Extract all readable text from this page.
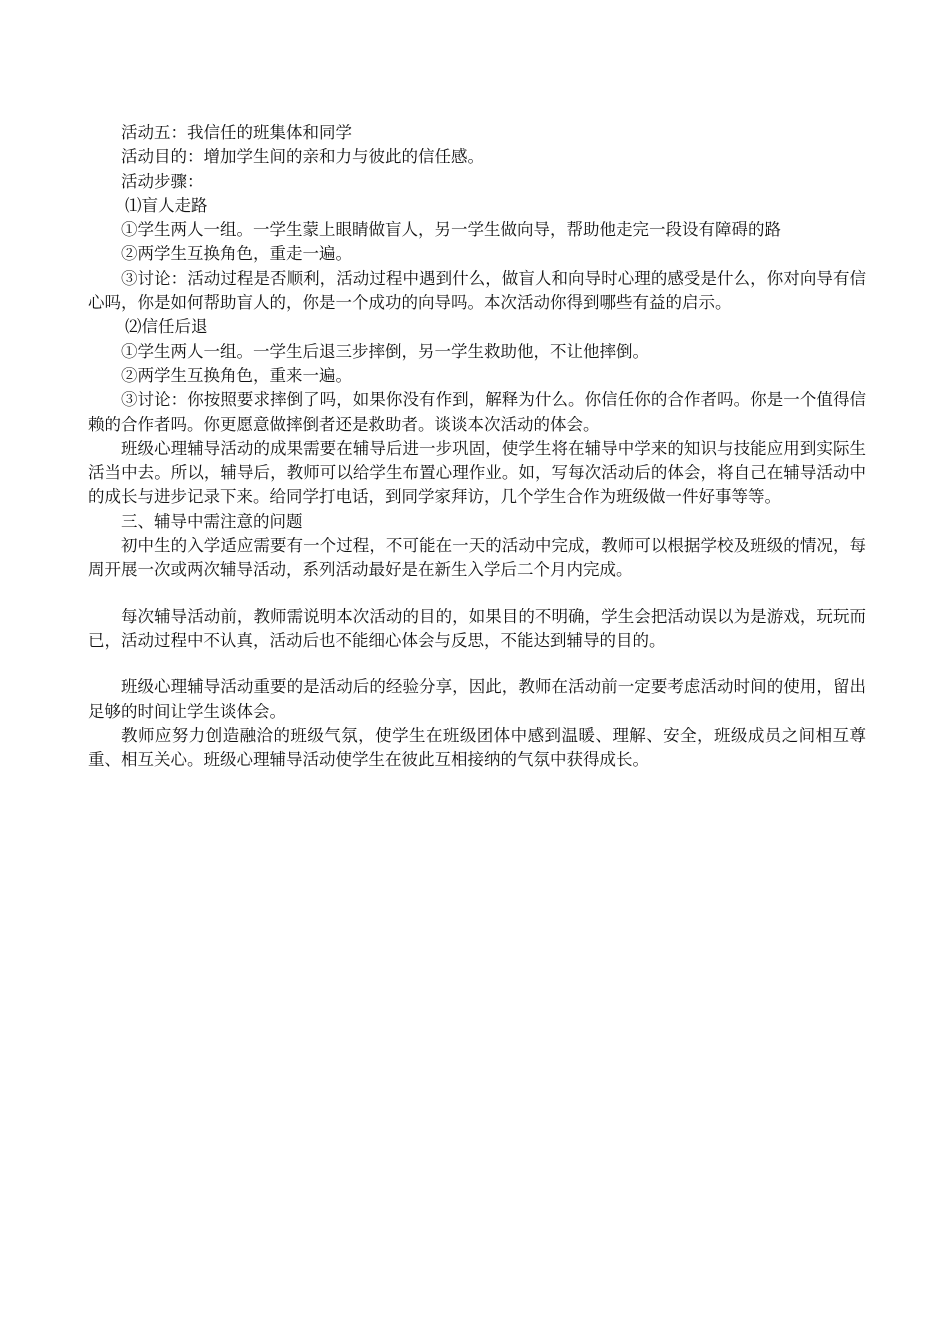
活动五：我信任的班集体和同学

活动目的：增加学生间的亲和力与彼此的信任感。

活动步骤：

⑴盲人走路

①学生两人一组。一学生蒙上眼睛做盲人，另一学生做向导，帮助他走完一段设有障碍的路

②两学生互换角色，重走一遍。

③讨论：活动过程是否顺利，活动过程中遇到什么，做盲人和向导时心理的感受是什么，你对向导有信心吗，你是如何帮助盲人的，你是一个成功的向导吗。本次活动你得到哪些有益的启示。

⑵信任后退

①学生两人一组。一学生后退三步摔倒，另一学生救助他，不让他摔倒。

②两学生互换角色，重来一遍。

③讨论：你按照要求摔倒了吗，如果你没有作到，解释为什么。你信任你的合作者吗。你是一个值得信赖的合作者吗。你更愿意做摔倒者还是救助者。谈谈本次活动的体会。

班级心理辅导活动的成果需要在辅导后进一步巩固，使学生将在辅导中学来的知识与技能应用到实际生活当中去。所以，辅导后，教师可以给学生布置心理作业。如，写每次活动后的体会，将自己在辅导活动中的成长与进步记录下来。给同学打电话，到同学家拜访，几个学生合作为班级做一件好事等等。

三、辅导中需注意的问题

初中生的入学适应需要有一个过程，不可能在一天的活动中完成，教师可以根据学校及班级的情况，每周开展一次或两次辅导活动，系列活动最好是在新生入学后二个月内完成。

每次辅导活动前，教师需说明本次活动的目的，如果目的不明确，学生会把活动误以为是游戏，玩玩而已，活动过程中不认真，活动后也不能细心体会与反思，不能达到辅导的目的。

班级心理辅导活动重要的是活动后的经验分享，因此，教师在活动前一定要考虑活动时间的使用，留出足够的时间让学生谈体会。

教师应努力创造融洽的班级气氛，使学生在班级团体中感到温暖、理解、安全，班级成员之间相互尊重、相互关心。班级心理辅导活动使学生在彼此互相接纳的气氛中获得成长。
